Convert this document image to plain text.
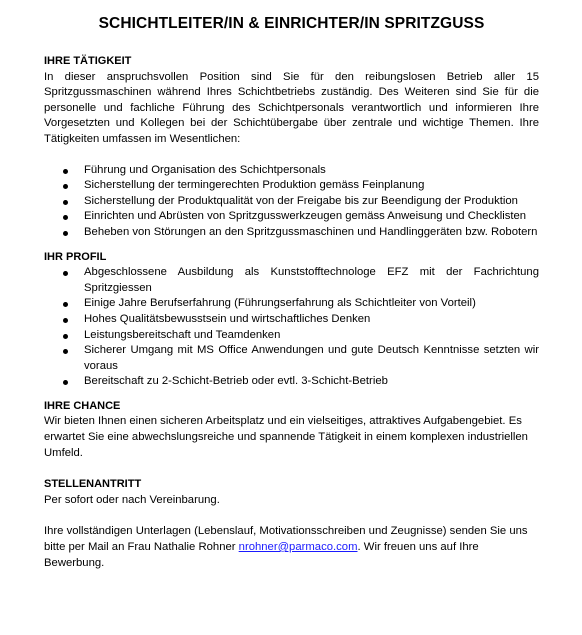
SCHICHTLEITER/IN & EINRICHTER/IN SPRITZGUSS
IHRE TÄTIGKEIT
In dieser anspruchsvollen Position sind Sie für den reibungslosen Betrieb aller 15 Spritzgussmaschinen während Ihres Schichtbetriebs zuständig. Des Weiteren sind Sie für die personelle und fachliche Führung des Schichtpersonals verantwortlich und informieren Ihre Vorgesetzten und Kollegen bei der Schichtübergabe über zentrale und wichtige Themen. Ihre Tätigkeiten umfassen im Wesentlichen:
Führung und Organisation des Schichtpersonals
Sicherstellung der termingerechten Produktion gemäss Feinplanung
Sicherstellung der Produktqualität von der Freigabe bis zur Beendigung der Produktion
Einrichten und Abrüsten von Spritzgusswerkzeugen gemäss Anweisung und Checklisten
Beheben von Störungen an den Spritzgussmaschinen und Handlinggeräten bzw. Robotern
IHR PROFIL
Abgeschlossene Ausbildung als Kunststofftechnologe EFZ mit der Fachrichtung Spritzgiessen
Einige Jahre Berufserfahrung (Führungserfahrung als Schichtleiter von Vorteil)
Hohes Qualitätsbewusstsein und wirtschaftliches Denken
Leistungsbereitschaft und Teamdenken
Sicherer Umgang mit MS Office Anwendungen und gute Deutsch Kenntnisse setzten wir voraus
Bereitschaft zu 2-Schicht-Betrieb oder evtl. 3-Schicht-Betrieb
IHRE CHANCE
Wir bieten Ihnen einen sicheren Arbeitsplatz und ein vielseitiges, attraktives Aufgabengebiet. Es erwartet Sie eine abwechslungsreiche und spannende Tätigkeit in einem komplexen industriellen Umfeld.
STELLENANTRITT
Per sofort oder nach Vereinbarung.
Ihre vollständigen Unterlagen (Lebenslauf, Motivationsschreiben und Zeugnisse) senden Sie uns bitte per Mail an Frau Nathalie Rohner nrohner@parmaco.com. Wir freuen uns auf Ihre Bewerbung.
